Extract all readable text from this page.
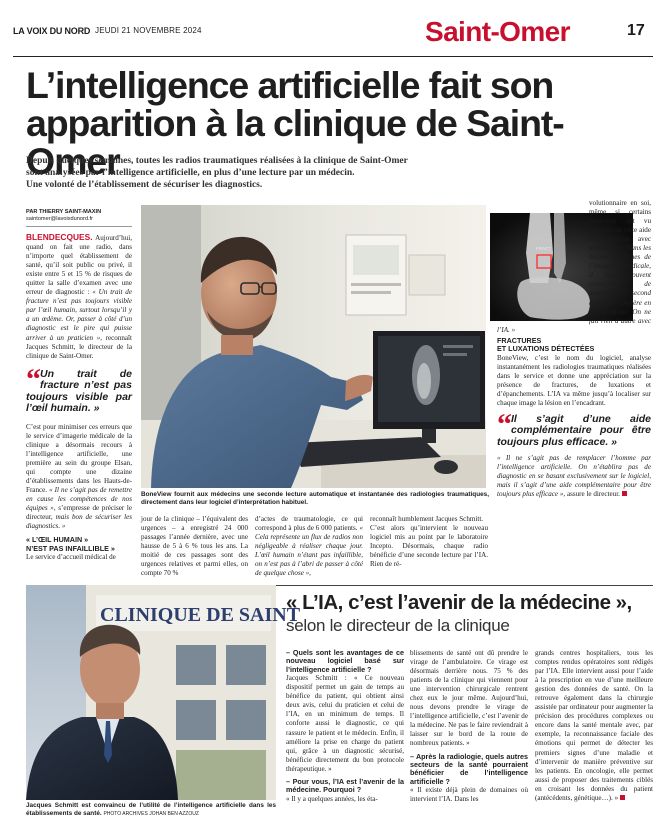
LA VOIX DU NORD JEUDI 21 NOVEMBRE 2024	Saint-Omer	17
L’intelligence artificielle fait son
apparition à la clinique de Saint-Omer
Depuis quelques semaines, toutes les radios traumatiques réalisées à la clinique de Saint-Omer
sont analysées par l’intelligence artificielle, en plus d’une lecture par un médecin.
Une volonté de l’établissement de sécuriser les diagnostics.
PAR THIERRY SAINT-MAXIN
saintomer@lavoixdunord.fr

BLENDECQUES. Aujourd’hui, quand on fait une radio, dans n’importe quel établissement de santé, qu’il soit public ou privé, il existe entre 5 et 15 % de risques de quitter la salle d’examen avec une erreur de diagnostic : « Un trait de fracture n’est pas toujours visible par l’œil humain, surtout lorsqu’il y a un œdème. Or, passer à côté d’un diagnostic est le pire qui puisse arriver à un praticien », reconnaît Jacques Schmitt, le directeur de la clinique de Saint-Omer.

“ Un trait de fracture n’est pas toujours visible par l’œil humain. »

C’est pour minimiser ces erreurs que le service d’imagerie médicale de la clinique a désormais recours à l’intelligence artificielle, une première au sein du groupe Elsan, qui compte une dizaine d’établissements dans les Hauts-de-France. « Il ne s’agit pas de remettre en cause les compétences de nos équipes », s’empresse de préciser le directeur, mais bon de sécuriser les diagnostics. »

« L’ŒIL HUMAIN »
N’EST PAS INFAILLIBLE »

Le service d’accueil médical de

BoneView fournit aux médecins une seconde lecture automatique et instantanée des radiologies traumatiques, directement dans leur logiciel d’interprétation habituel.
FRACT

jour de la clinique – l’équivalent des urgences – a enregistré 24 000 passages l’année dernière, avec une hausse de 5 à 6 % tous les ans. La moitié de ces passages sont des urgences relatives et parmi elles, on compte 70 %

d’actes de traumatologie, ce qui correspond à plus de 6 000 patients. « Cela représente un flux de radios non négligeable à réaliser chaque jour. L’œil humain n’étant pas infaillible, on n’est pas à l’abri de passer à côté de quelque chose »,

reconnaît humblement Jacques Schmitt.

C’est alors qu’intervient le nouveau logiciel mis au point par le laboratoire Incepto. Désormais, chaque radio bénéficie d’une seconde lecture par l’IA. Rien de ré-

volutionnaire en soi, même si certains praticiens ont vu l’arrivée de cette aide technologique avec méfiance : « Dans les bonnes pratiques de l’imagerie médicale, il était souvent conseillé de demander un second avis à un confrère en cas de doute. On ne fait rien d’autre avec l’IA. »

FRACTURES
ET LUXATIONS DÉTECTÉES

BoneView, c’est le nom du logiciel, analyse instantanément les radiologies traumatiques réalisées dans le service et donne une appréciation sur la présence de fractures, de luxations et d’épanchements. L’IA va même jusqu’à localiser sur chaque image la lésion en l’encadrant.

“ Il s’agit d’une aide complémentaire pour être toujours plus efficace. »

« Il ne s’agit pas de remplacer l’homme par l’intelligence artificielle. On n’établira pas de diagnostic en se basant exclusivement sur le logiciel, mais il s’agit d’une aide complémentaire pour être toujours plus efficace », assure le directeur.

CLINIQUE DE SAINT
Jacques Schmitt est convaincu de l’utilité de l’intelligence artificielle dans les établissements de santé. PHOTO ARCHIVES JOHAN BEN AZZOUZ
« L’IA, c’est l’avenir de la médecine »,
selon le directeur de la clinique

– Quels sont les avantages de ce nouveau logiciel basé sur l’intelligence artificielle ?

Jacques Schmitt : « Ce nouveau dispositif permet un gain de temps au bénéfice du patient, qui obtient ainsi deux avis, celui du praticien et celui de l’IA, en un minimum de temps. Il conforte aussi le diagnostic, ce qui rassure le patient et le médecin. Enfin, il améliore la prise en charge du patient qui, grâce à un diagnostic sécurisé, bénéficie directement du bon protocole thérapeutique. »

– Pour vous, l’IA est l’avenir de la médecine. Pourquoi ?

« Il y a quelques années, les éta-

blissements de santé ont dû prendre le virage de l’ambulatoire. Ce virage est désormais derrière nous. 75 % des patients de la clinique qui viennent pour une intervention chirurgicale rentrent chez eux le jour même. Aujourd’hui, nous devons prendre le virage de l’intelligence artificielle, c’est l’avenir de la médecine. Ne pas le faire reviendrait à laisser sur le bord de la route de nombreux patients. »

– Après la radiologie, quels autres secteurs de la santé pourraient bénéficier de l’intelligence artificielle ?

« Il existe déjà plein de domaines où intervient l’IA. Dans les

grands centres hospitaliers, tous les comptes rendus opératoires sont rédigés par l’IA. Elle intervient aussi pour l’aide à la prescription en vue d’une meilleure gestion des données de santé. On la retrouve également dans la chirurgie assistée par ordinateur pour augmenter la précision des procédures complexes ou encore dans la santé mentale avec, par exemple, la reconnaissance faciale des émotions qui permet de détecter les premiers signes d’une maladie et d’intervenir de manière préventive sur les patients. En oncologie, elle permet aussi de proposer des traitements ciblés en croisant les données du patient (antécédents, génétique…). »
